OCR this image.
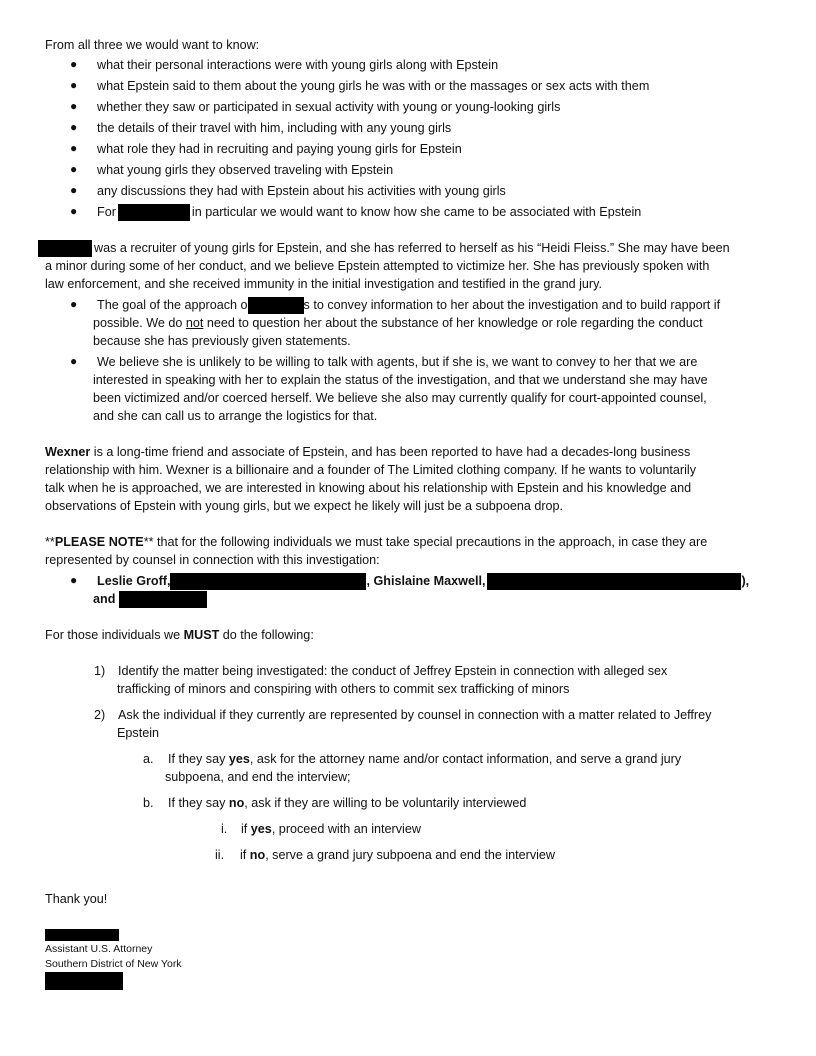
From all three we would want to know:
● what their personal interactions were with young girls along with Epstein
● what Epstein said to them about the young girls he was with or the massages or sex acts with them
● whether they saw or participated in sexual activity with young or young-looking girls
● the details of their travel with him, including with any young girls
● what role they had in recruiting and paying young girls for Epstein
● what young girls they observed traveling with Epstein
● any discussions they had with Epstein about his activities with young girls
● For	in particular we would want to know how she came to be associated with Epstein
was a recruiter of young girls for Epstein, and she has referred to herself as his “Heidi Fleiss.” She may have been
a minor during some of her conduct, and we believe Epstein attempted to victimize her. She has previously spoken with
law enforcement, and she received immunity in the initial investigation and testified in the grand jury.
● The goal of the approach o	s to convey information to her about the investigation and to build rapport if
possible. We do not need to question her about the substance of her knowledge or role regarding the conduct
because she has previously given statements.
● We believe she is unlikely to be willing to talk with agents, but if she is, we want to convey to her that we are
interested in speaking with her to explain the status of the investigation, and that we understand she may have
been victimized and/or coerced herself. We believe she also may currently qualify for court-appointed counsel,
and she can call us to arrange the logistics for that.
Wexner is a long-time friend and associate of Epstein, and has been reported to have had a decades-long business
relationship with him. Wexner is a billionaire and a founder of The Limited clothing company. If he wants to voluntarily
talk when he is approached, we are interested in knowing about his relationship with Epstein and his knowledge and
observations of Epstein with young girls, but we expect he likely will just be a subpoena drop.
**PLEASE NOTE** that for the following individuals we must take special precautions in the approach, in case they are
represented by counsel in connection with this investigation:
● Leslie Groff,	, Ghislaine Maxwell,	),
and
For those individuals we MUST do the following:
1) Identify the matter being investigated: the conduct of Jeffrey Epstein in connection with alleged sex
trafficking of minors and conspiring with others to commit sex trafficking of minors
2) Ask the individual if they currently are represented by counsel in connection with a matter related to Jeffrey
Epstein
a. If they say yes, ask for the attorney name and/or contact information, and serve a grand jury
subpoena, and end the interview;
b. If they say no, ask if they are willing to be voluntarily interviewed
i. if yes, proceed with an interview
ii. if no, serve a grand jury subpoena and end the interview
Thank you!
Assistant U.S. Attorney
Southern District of New York
